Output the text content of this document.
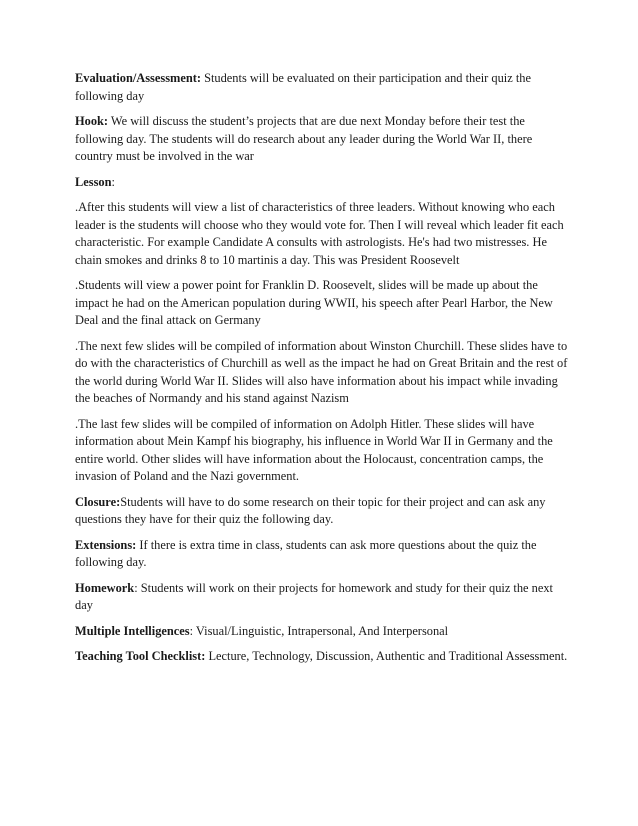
Evaluation/Assessment: Students will be evaluated on their participation and their quiz the following day

Hook: We will discuss the student’s projects that are due next Monday before their test the following day. The students will do research about any leader during the World War II, there country must be involved in the war

Lesson:

.After this students will view a list of characteristics of three leaders. Without knowing who each leader is the students will choose who they would vote for. Then I will reveal which leader fit each characteristic. For example Candidate A consults with astrologists. He's had two mistresses. He chain smokes and drinks 8 to 10 martinis a day. This was President Roosevelt

.Students will view a power point for Franklin D. Roosevelt, slides will be made up about the impact he had on the American population during WWII, his speech after Pearl Harbor, the New Deal and the final attack on Germany

.The next few slides will be compiled of information about Winston Churchill. These slides have to do with the characteristics of Churchill as well as the impact he had on Great Britain and the rest of the world during World War II. Slides will also have information about his impact while invading the beaches of Normandy and his stand against Nazism

.The last few slides will be compiled of information on Adolph Hitler. These slides will have information about Mein Kampf his biography, his influence in World War II in Germany and the entire world. Other slides will have information about the Holocaust, concentration camps, the invasion of Poland and the Nazi government.

Closure:Students will have to do some research on their topic for their project and can ask any questions they have for their quiz the following day.

Extensions: If there is extra time in class, students can ask more questions about the quiz the following day.

Homework: Students will work on their projects for homework and study for their quiz the next day

Multiple Intelligences: Visual/Linguistic, Intrapersonal, And Interpersonal

Teaching Tool Checklist: Lecture, Technology, Discussion, Authentic and Traditional Assessment.
